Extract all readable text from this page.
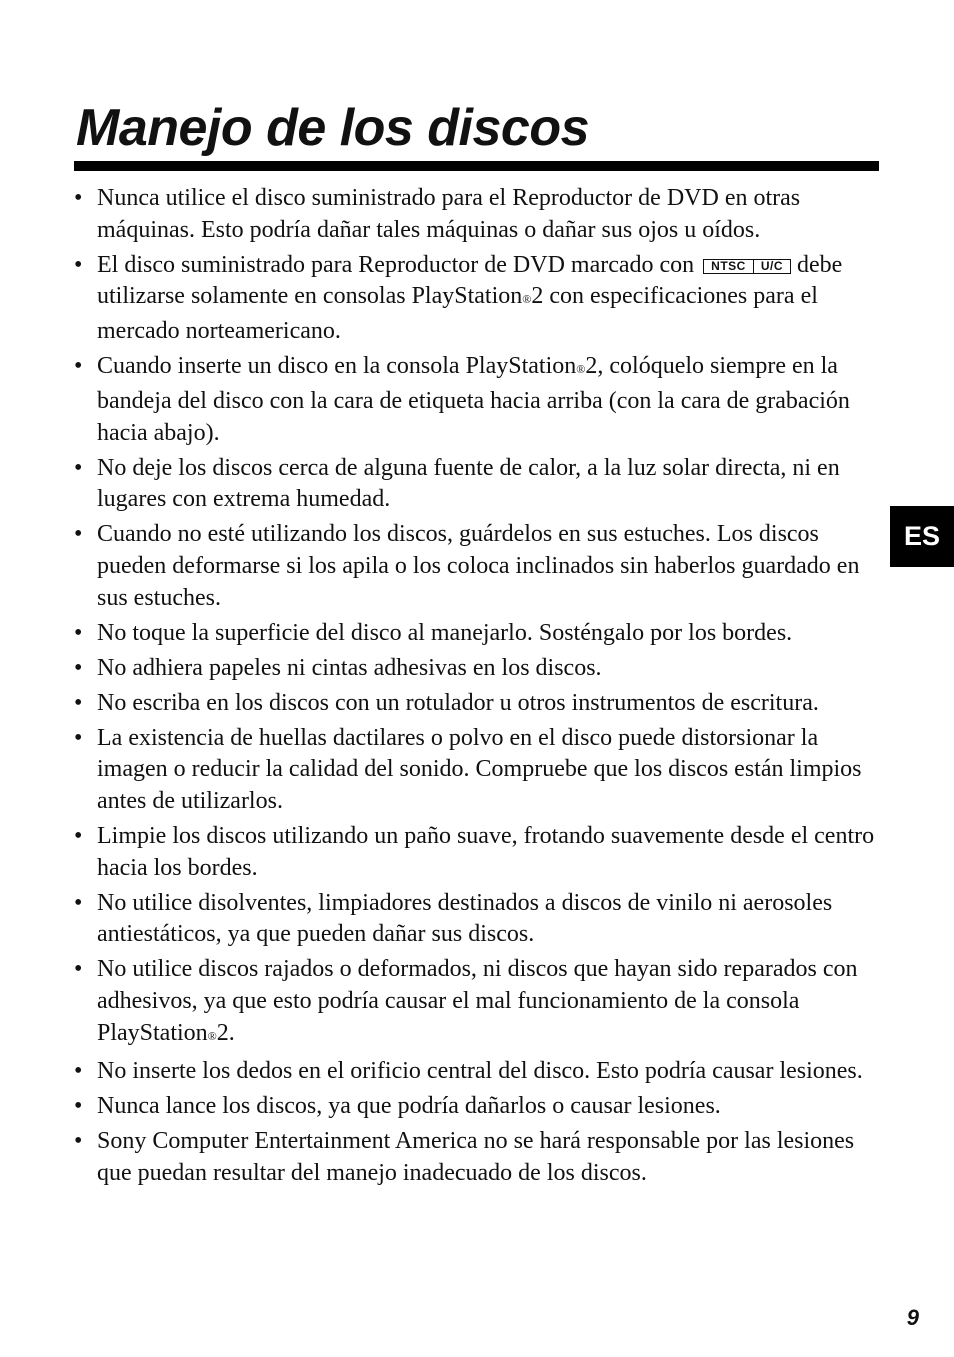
Manejo de los discos
• Nunca utilice el disco suministrado para el Reproductor de DVD en otras máquinas. Esto podría dañar tales máquinas o dañar sus ojos u oídos.
• El disco suministrado para Reproductor de DVD marcado con	NTSC	U/C debe utilizarse solamente en consolas PlayStation®2 con especificaciones para el mercado norteamericano.
• Cuando inserte un disco en la consola PlayStation®2, colóquelo siempre en la bandeja del disco con la cara de etiqueta hacia arriba (con la cara de grabación hacia abajo).
• No deje los discos cerca de alguna fuente de calor, a la luz solar directa, ni en lugares con extrema humedad.
• Cuando no esté utilizando los discos, guárdelos en sus estuches. Los discos pueden deformarse si los apila o los coloca inclinados sin haberlos guardado en sus estuches.
• No toque la superficie del disco al manejarlo. Sosténgalo por los bordes.
• No adhiera papeles ni cintas adhesivas en los discos.
• No escriba en los discos con un rotulador u otros instrumentos de escritura.
• La existencia de huellas dactilares o polvo en el disco puede distorsionar la imagen o reducir la calidad del sonido. Compruebe que los discos están limpios antes de utilizarlos.
• Limpie los discos utilizando un paño suave, frotando suavemente desde el centro hacia los bordes.
• No utilice disolventes, limpiadores destinados a discos de vinilo ni aerosoles antiestáticos, ya que pueden dañar sus discos.
• No utilice discos rajados o deformados, ni discos que hayan sido reparados con adhesivos, ya que esto podría causar el mal funcionamiento de la consola PlayStation®2.
• No inserte los dedos en el orificio central del disco. Esto podría causar lesiones.
• Nunca lance los discos, ya que podría dañarlos o causar lesiones.
• Sony Computer Entertainment America no se hará responsable por las lesiones que puedan resultar del manejo inadecuado de los discos.
ES
9
